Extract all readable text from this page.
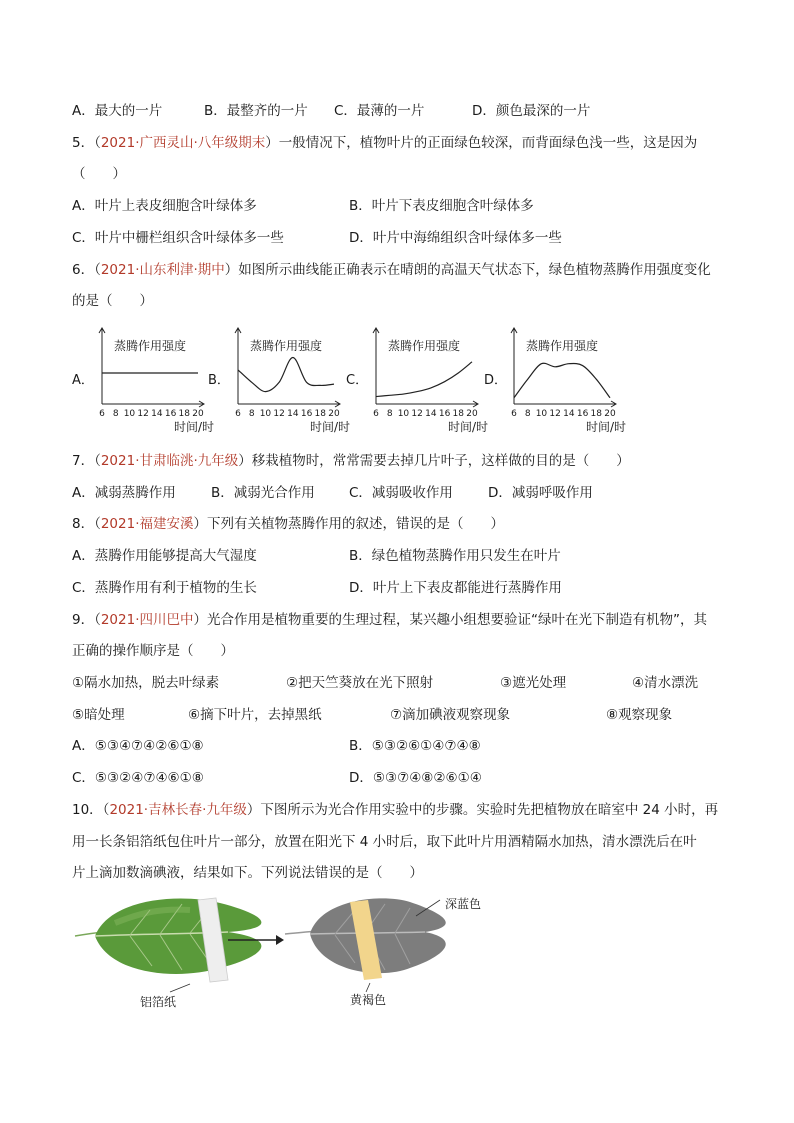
A．最大的一片	B．最整齐的一片 C．最薄的一片	D．颜色最深的一片
5．（2021·广西灵山·八年级期末）一般情况下，植物叶片的正面绿色较深，而背面绿色浅一些，这是因为
（　　）
A．叶片上表皮细胞含叶绿体多	B．叶片下表皮细胞含叶绿体多
C．叶片中栅栏组织含叶绿体多一些	D．叶片中海绵组织含叶绿体多一些
6．（2021·山东利津·期中）如图所示曲线能正确表示在晴朗的高温天气状态下，绿色植物蒸腾作用强度变化
的是（　　）
A．
蒸腾作用强度
6 8 10 12 14 16 18 20
时间/时
B．
蒸腾作用强度
6 8 10 12 14 16 18 20
时间/时
C．
蒸腾作用强度
6 8 10 12 14 16 18 20
时间/时
D．
蒸腾作用强度
6 8 10 12 14 16 18 20
时间/时
7．（2021·甘肃临洮·九年级）移栽植物时，常常需要去掉几片叶子，这样做的目的是（　　）
A．减弱蒸腾作用	B．减弱光合作用	C．减弱吸收作用	D．减弱呼吸作用
8．（2021·福建安溪）下列有关植物蒸腾作用的叙述，错误的是（　　）
A．蒸腾作用能够提高大气湿度	B．绿色植物蒸腾作用只发生在叶片
C．蒸腾作用有利于植物的生长	D．叶片上下表皮都能进行蒸腾作用
9．（2021·四川巴中）光合作用是植物重要的生理过程，某兴趣小组想要验证“绿叶在光下制造有机物”，其
正确的操作顺序是（　　）
①隔水加热，脱去叶绿素	②把天竺葵放在光下照射	③遮光处理	④清水漂洗
⑤暗处理	⑥摘下叶片，去掉黑纸	⑦滴加碘液观察现象	⑧观察现象
A．⑤③④⑦④②⑥①⑧	B．⑤③②⑥①④⑦④⑧
C．⑤③②④⑦④⑥①⑧	D．⑤③⑦④⑧②⑥①④
10．（2021·吉林长春·九年级）下图所示为光合作用实验中的步骤。实验时先把植物放在暗室中 24 小时，再
用一长条铝箔纸包住叶片一部分，放置在阳光下 4 小时后，取下此叶片用酒精隔水加热，清水漂洗后在叶
片上滴加数滴碘液，结果如下。下列说法错误的是（　　）
铝箔纸
深蓝色
黄褐色
